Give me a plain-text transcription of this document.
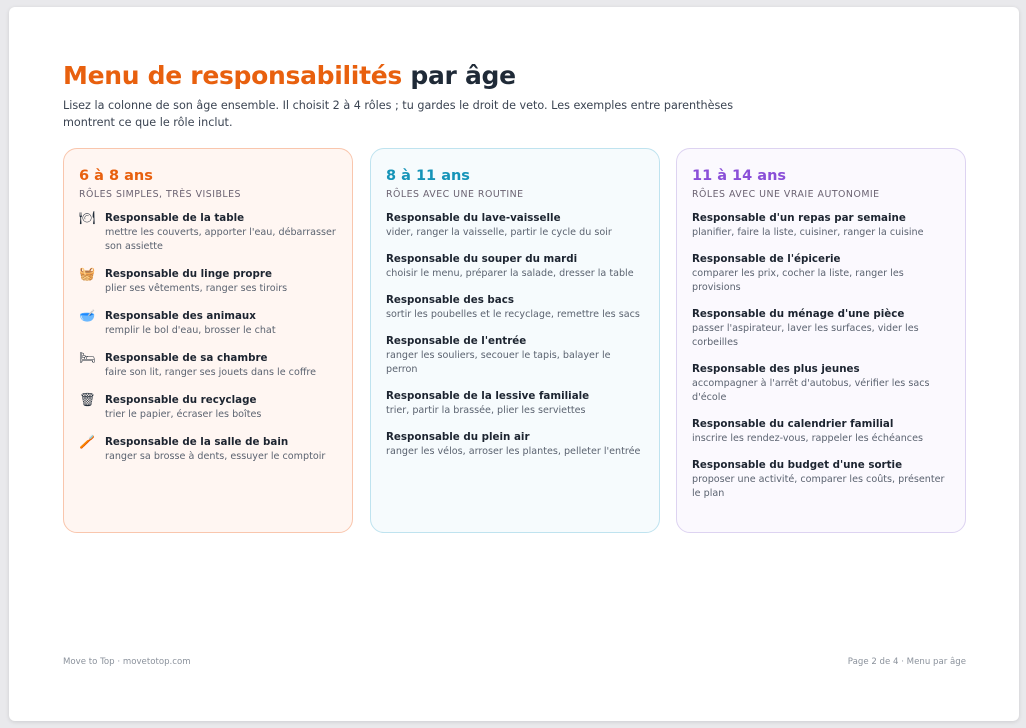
Menu de responsabilités par âge

Lisez la colonne de son âge ensemble. Il choisit 2 à 4 rôles ; tu gardes le droit de veto. Les exemples entre parenthèses montrent ce que le rôle inclut.

6 à 8 ans
RÔLES SIMPLES, TRÈS VISIBLES
🍽 Responsable de la table
mettre les couverts, apporter l'eau, débarrasser son assiette
🧺 Responsable du linge propre
plier ses vêtements, ranger ses tiroirs
🥣 Responsable des animaux
remplir le bol d'eau, brosser le chat
🛏 Responsable de sa chambre
faire son lit, ranger ses jouets dans le coffre
🗑 Responsable du recyclage
trier le papier, écraser les boîtes
🪥 Responsable de la salle de bain
ranger sa brosse à dents, essuyer le comptoir
8 à 11 ans
RÔLES AVEC UNE ROUTINE
Responsable du lave-vaisselle
vider, ranger la vaisselle, partir le cycle du soir
Responsable du souper du mardi
choisir le menu, préparer la salade, dresser la table
Responsable des bacs
sortir les poubelles et le recyclage, remettre les sacs
Responsable de l'entrée
ranger les souliers, secouer le tapis, balayer le perron
Responsable de la lessive familiale
trier, partir la brassée, plier les serviettes
Responsable du plein air
ranger les vélos, arroser les plantes, pelleter l'entrée
11 à 14 ans
RÔLES AVEC UNE VRAIE AUTONOMIE
Responsable d'un repas par semaine
planifier, faire la liste, cuisiner, ranger la cuisine
Responsable de l'épicerie
comparer les prix, cocher la liste, ranger les provisions
Responsable du ménage d'une pièce
passer l'aspirateur, laver les surfaces, vider les corbeilles
Responsable des plus jeunes
accompagner à l'arrêt d'autobus, vérifier les sacs d'école
Responsable du calendrier familial
inscrire les rendez-vous, rappeler les échéances
Responsable du budget d'une sortie
proposer une activité, comparer les coûts, présenter le plan
Move to Top · movetotop.com	Page 2 de 4 · Menu par âge
